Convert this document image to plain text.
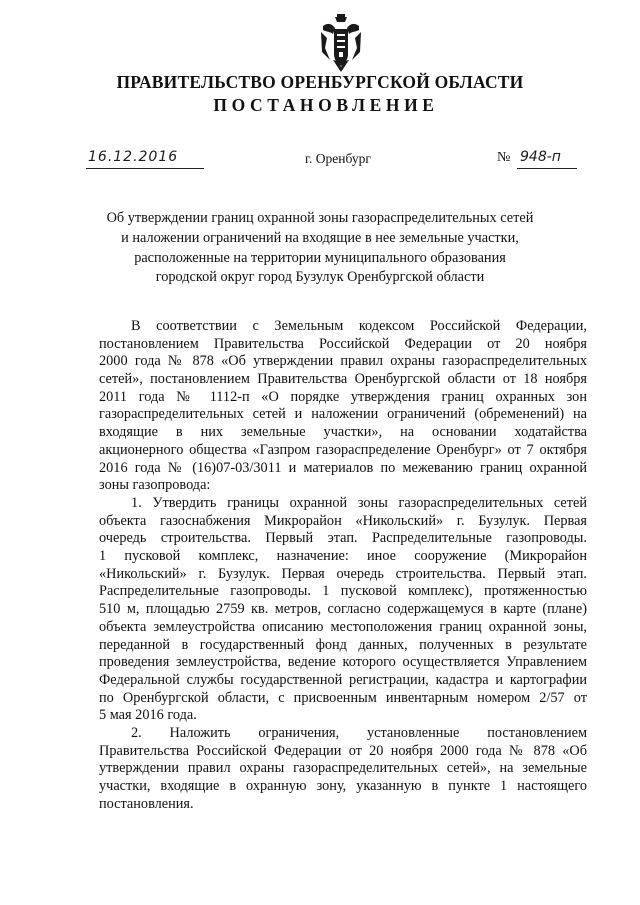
ПРАВИТЕЛЬСТВО ОРЕНБУРГСКОЙ ОБЛАСТИ
ПОСТАНОВЛЕНИЕ
16.12.2016	г. Оренбург	№ 948-п
Об утверждении границ охранной зоны газораспределительных сетей
и наложении ограничений на входящие в нее земельные участки,
расположенные на территории муниципального образования
городской округ город Бузулук Оренбургской области
В соответствии с Земельным кодексом Российской Федерации,
постановлением Правительства Российской Федерации от 20 ноября
2000 года № 878 «Об утверждении правил охраны газораспределительных
сетей», постановлением Правительства Оренбургской области от 18 ноября
2011 года № 1112-п «О порядке утверждения границ охранных зон
газораспределительных сетей и наложении ограничений (обременений) на
входящие в них земельные участки», на основании ходатайства
акционерного общества «Газпром газораспределение Оренбург» от 7 октября
2016 года № (16)07-03/3011 и материалов по межеванию границ охранной
зоны газопровода:
1. Утвердить границы охранной зоны газораспределительных сетей
объекта газоснабжения Микрорайон «Никольский» г. Бузулук. Первая
очередь строительства. Первый этап. Распределительные газопроводы.
1 пусковой комплекс, назначение: иное сооружение (Микрорайон
«Никольский» г. Бузулук. Первая очередь строительства. Первый этап.
Распределительные газопроводы. 1 пусковой комплекс), протяженностью
510 м, площадью 2759 кв. метров, согласно содержащемуся в карте (плане)
объекта землеустройства описанию местоположения границ охранной зоны,
переданной в государственный фонд данных, полученных в результате
проведения землеустройства, ведение которого осуществляется Управлением
Федеральной службы государственной регистрации, кадастра и картографии
по Оренбургской области, с присвоенным инвентарным номером 2/57 от
5 мая 2016 года.
2. Наложить ограничения, установленные постановлением
Правительства Российской Федерации от 20 ноября 2000 года № 878 «Об
утверждении правил охраны газораспределительных сетей», на земельные
участки, входящие в охранную зону, указанную в пункте 1 настоящего
постановления.
